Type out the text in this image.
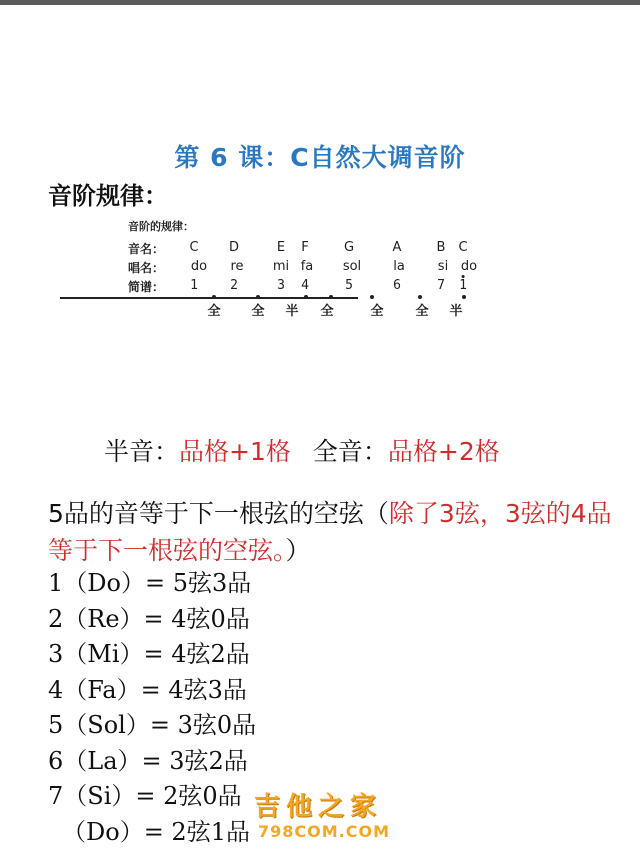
第 6 课：C自然大调音阶
音阶规律：
音阶的规律：
音名： C D	E F	G	A	B C
唱名： do re mi fa sol la	si do
简谱： 1 2	3 4	5	6	7 1
全 全 半 全	全 全 半
半音：品格+1格 全音：品格+2格
5品的音等于下一根弦的空弦（除了3弦，3弦的4品等于下一根弦的空弦。）
1（Do）= 5弦3品
2（Re）= 4弦0品
3（Mi）= 4弦2品
4（Fa）= 4弦3品
5（Sol）= 3弦0品
6（La）= 3弦2品
7（Si）= 2弦0品
（Do）= 2弦1品
吉他之家
798COM.COM
